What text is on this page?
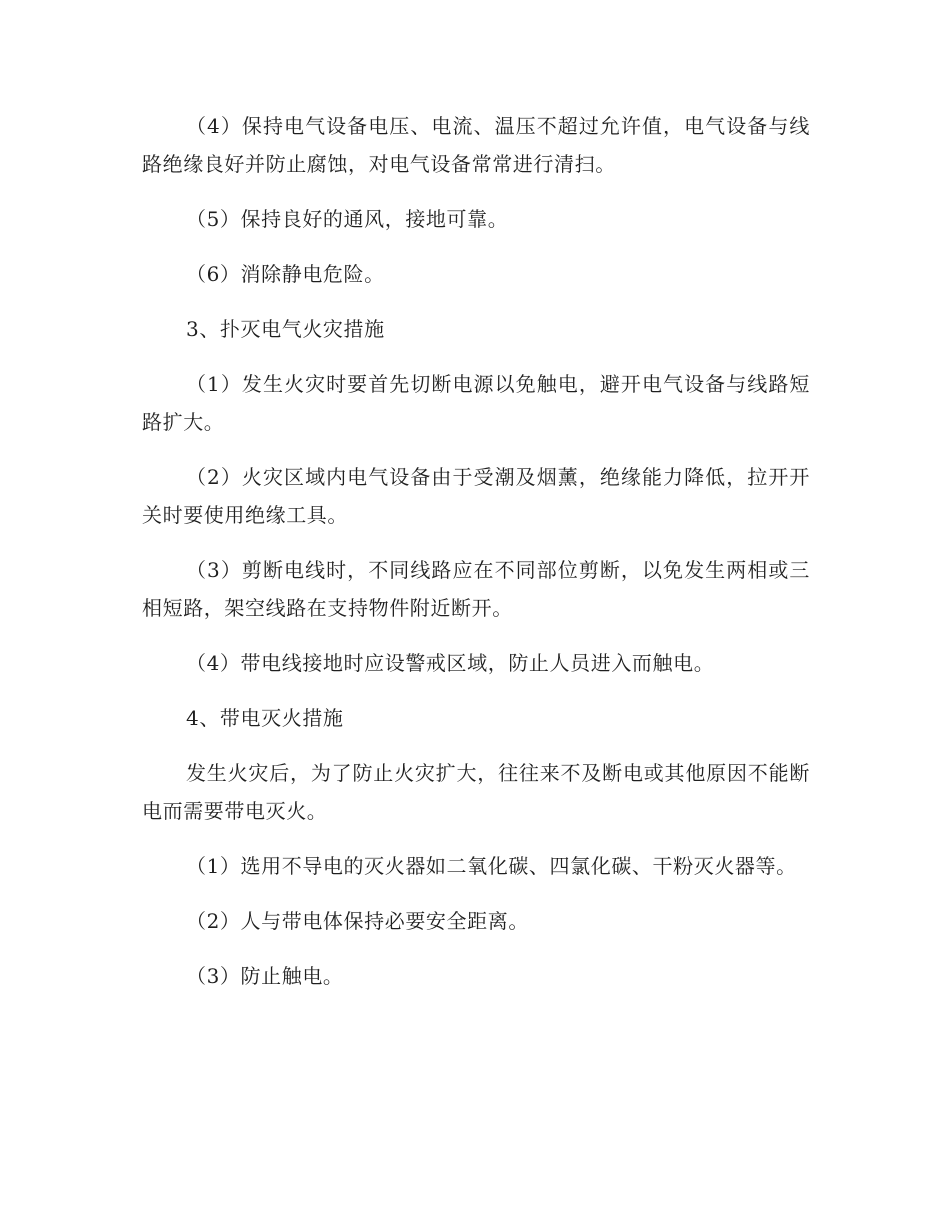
（4）保持电气设备电压、电流、温压不超过允许值，电气设备与线路绝缘良好并防止腐蚀，对电气设备常常进行清扫。

（5）保持良好的通风，接地可靠。

（6）消除静电危险。

3、扑灭电气火灾措施

（1）发生火灾时要首先切断电源以免触电，避开电气设备与线路短路扩大。

（2）火灾区域内电气设备由于受潮及烟薰，绝缘能力降低，拉开开关时要使用绝缘工具。

（3）剪断电线时，不同线路应在不同部位剪断，以免发生两相或三相短路，架空线路在支持物件附近断开。

（4）带电线接地时应设警戒区域，防止人员进入而触电。

4、带电灭火措施

发生火灾后，为了防止火灾扩大，往往来不及断电或其他原因不能断电而需要带电灭火。

（1）选用不导电的灭火器如二氧化碳、四氯化碳、干粉灭火器等。

（2）人与带电体保持必要安全距离。

（3）防止触电。
